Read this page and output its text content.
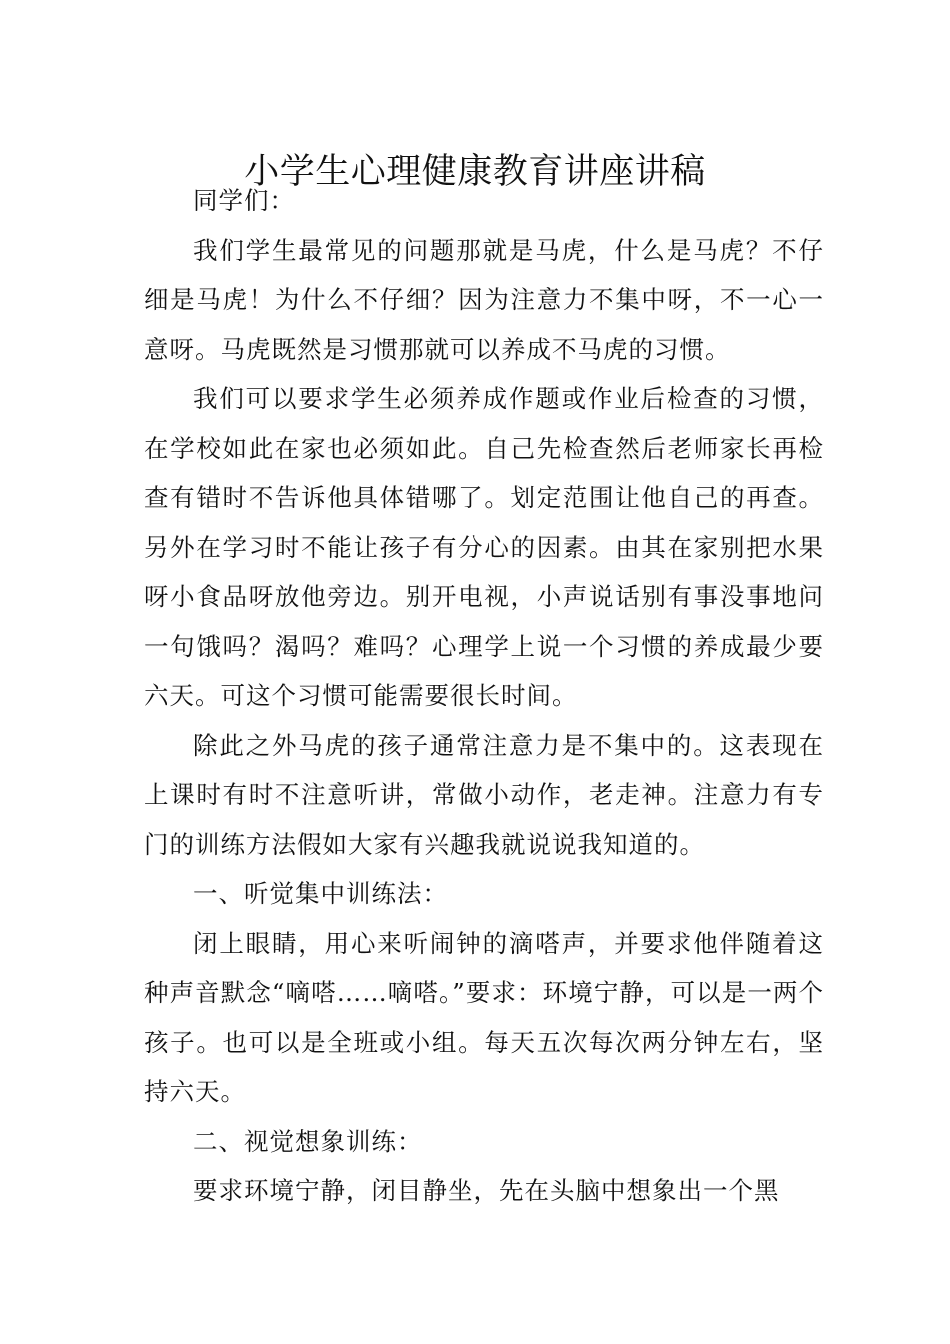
小学生心理健康教育讲座讲稿

同学们：

我们学生最常见的问题那就是马虎，什么是马虎？不仔细是马虎！为什么不仔细？因为注意力不集中呀，不一心一意呀。马虎既然是习惯那就可以养成不马虎的习惯。

我们可以要求学生必须养成作题或作业后检查的习惯，在学校如此在家也必须如此。自己先检查然后老师家长再检查有错时不告诉他具体错哪了。划定范围让他自己的再查。另外在学习时不能让孩子有分心的因素。由其在家别把水果呀小食品呀放他旁边。别开电视，小声说话别有事没事地问一句饿吗？渴吗？难吗？心理学上说一个习惯的养成最少要六天。可这个习惯可能需要很长时间。

除此之外马虎的孩子通常注意力是不集中的。这表现在上课时有时不注意听讲，常做小动作，老走神。注意力有专门的训练方法假如大家有兴趣我就说说我知道的。

一、听觉集中训练法：

闭上眼睛，用心来听闹钟的滴嗒声，并要求他伴随着这种声音默念“嘀嗒……嘀嗒。”要求：环境宁静，可以是一两个孩子。也可以是全班或小组。每天五次每次两分钟左右，坚持六天。

二、视觉想象训练：

要求环境宁静，闭目静坐，先在头脑中想象出一个黑
